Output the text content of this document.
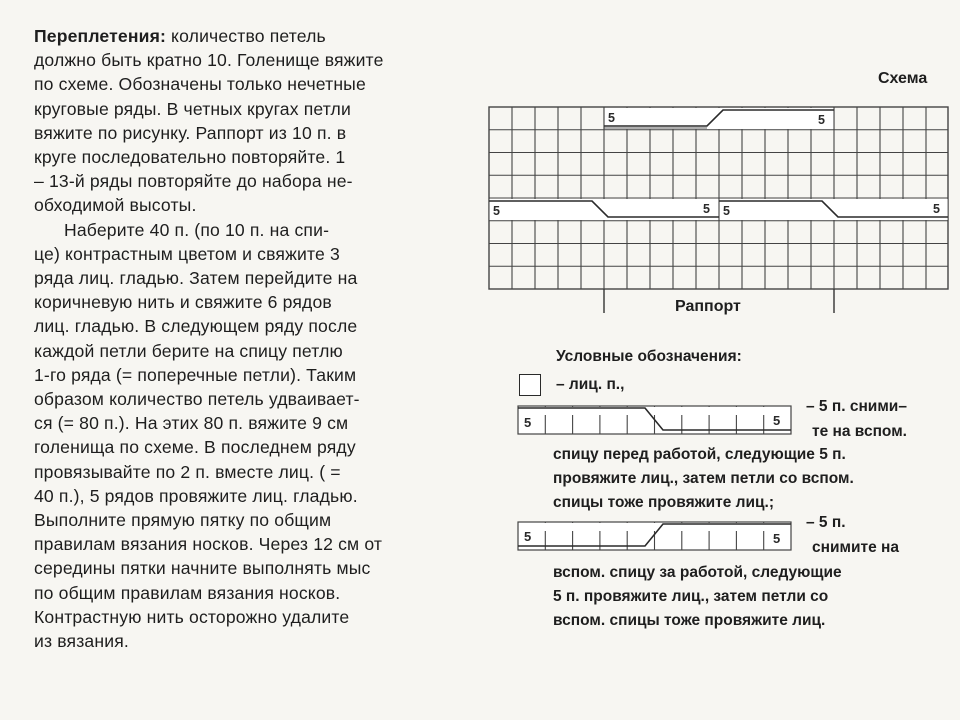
Переплетения: количество петель
должно быть кратно 10. Голенище вяжите
по схеме. Обозначены только нечетные
круговые ряды. В четных кругах петли
вяжите по рисунку. Раппорт из 10 п. в
круге последовательно повторяйте. 1
– 13-й ряды повторяйте до набора не-
обходимой высоты.

Наберите 40 п. (по 10 п. на спи-
це) контрастным цветом и свяжите 3
ряда лиц. гладью. Затем перейдите на
коричневую нить и свяжите 6 рядов
лиц. гладью. В следующем ряду после
каждой петли берите на спицу петлю
1-го ряда (= поперечные петли). Таким
образом количество петель удваивает-
ся (= 80 п.). На этих 80 п. вяжите 9 см
голенища по схеме. В последнем ряду
провязывайте по 2 п. вместе лиц. ( =
40 п.), 5 рядов провяжите лиц. гладью.
Выполните прямую пятку по общим
правилам вязания носков. Через 12 см от
середины пятки начните выполнять мыс
по общим правилам вязания носков.
Контрастную нить осторожно удалите
из вязания.

Схема
5	5
5	5 5	5
Раппорт
Условные обозначения:
– лиц. п.,
5	5
– 5 п. сними–
те на вспом.
спицу перед работой, следующие 5 п.
провяжите лиц., затем петли со вспом.
спицы тоже провяжите лиц.;
5	5
– 5 п.
снимите на
вспом. спицу за работой, следующие
5 п. провяжите лиц., затем петли со
вспом. спицы тоже провяжите лиц.
